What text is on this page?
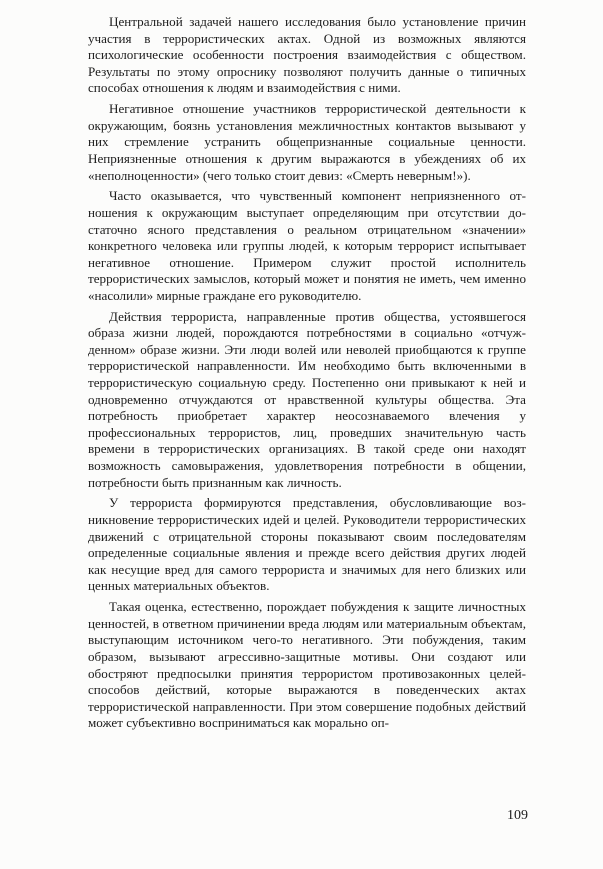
Центральной задачей нашего исследования было установление причин участия в террористических актах. Одной из возможных являются психологические особенности построения взаимодействия с обществом. Результаты по этому опроснику позволяют получить данные о типичных способах отношения к людям и взаимодействия с ними.

Негативное отношение участников террористической деятельности к окружающим, боязнь установления межличностных контактов вызывают у них стремление устранить общепризнанные социальные ценности. Неприязненные отношения к другим выражаются в убеждениях об их «неполноценности» (чего только стоит девиз: «Смерть неверным!»).

Часто оказывается, что чувственный компонент неприязненного отношения к окружающим выступает определяющим при отсутствии достаточно ясного представления о реальном отрицательном «значении» конкретного человека или группы людей, к которым террорист испытывает негативное отношение. Примером служит простой исполнитель террористических замыслов, который может и понятия не иметь, чем именно «насолили» мирные граждане его руководителю.

Действия террориста, направленные против общества, устоявшегося образа жизни людей, порождаются потребностями в социально «отчужденном» образе жизни. Эти люди волей или неволей приобщаются к группе террористической направленности. Им необходимо быть включенными в террористическую социальную среду. Постепенно они привыкают к ней и одновременно отчуждаются от нравственной культуры общества. Эта потребность приобретает характер неосознаваемого влечения у профессиональных террористов, лиц, проведших значительную часть времени в террористических организациях. В такой среде они находят возможность самовыражения, удовлетворения потребности в общении, потребности быть признанным как личность.

У террориста формируются представления, обусловливающие возникновение террористических идей и целей. Руководители террористических движений с отрицательной стороны показывают своим последователям определенные социальные явления и прежде всего действия других людей как несущие вред для самого террориста и значимых для него близких или ценных материальных объектов.

Такая оценка, естественно, порождает побуждения к защите личностных ценностей, в ответном причинении вреда людям или материальным объектам, выступающим источником чего-то негативного. Эти побуждения, таким образом, вызывают агрессивно-защитные мотивы. Они создают или обостряют предпосылки принятия террористом противозаконных целей-способов действий, которые выражаются в поведенческих актах террористической направленности. При этом совершение подобных действий может субъективно восприниматься как морально оп-

109
